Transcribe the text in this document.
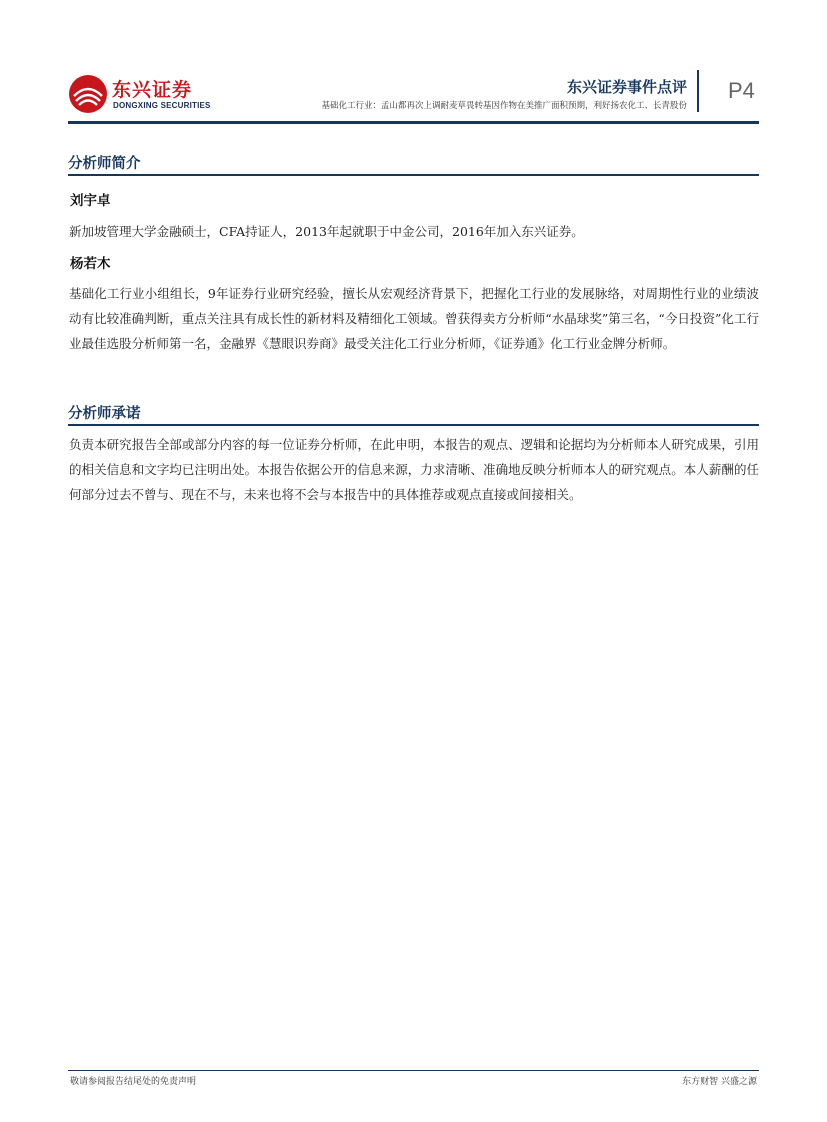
东兴证券
DONGXING SECURITIES
东兴证券事件点评
基础化工行业：孟山都再次上调耐麦草畏转基因作物在美推广面积预期，利好扬农化工、长青股份
P4
分析师简介
刘宇卓
新加坡管理大学金融硕士，CFA持证人，2013年起就职于中金公司，2016年加入东兴证券。
杨若木
基础化工行业小组组长，9年证券行业研究经验，擅长从宏观经济背景下，把握化工行业的发展脉络，对周期性行业的业绩波动有比较准确判断，重点关注具有成长性的新材料及精细化工领域。曾获得卖方分析师“水晶球奖”第三名，“今日投资”化工行业最佳选股分析师第一名，金融界《慧眼识券商》最受关注化工行业分析师，《证券通》化工行业金牌分析师。
分析师承诺
负责本研究报告全部或部分内容的每一位证券分析师，在此申明，本报告的观点、逻辑和论据均为分析师本人研究成果，引用的相关信息和文字均已注明出处。本报告依据公开的信息来源，力求清晰、准确地反映分析师本人的研究观点。本人薪酬的任何部分过去不曾与、现在不与，未来也将不会与本报告中的具体推荐或观点直接或间接相关。
敬请参阅报告结尾处的免责声明	东方财智 兴盛之源
